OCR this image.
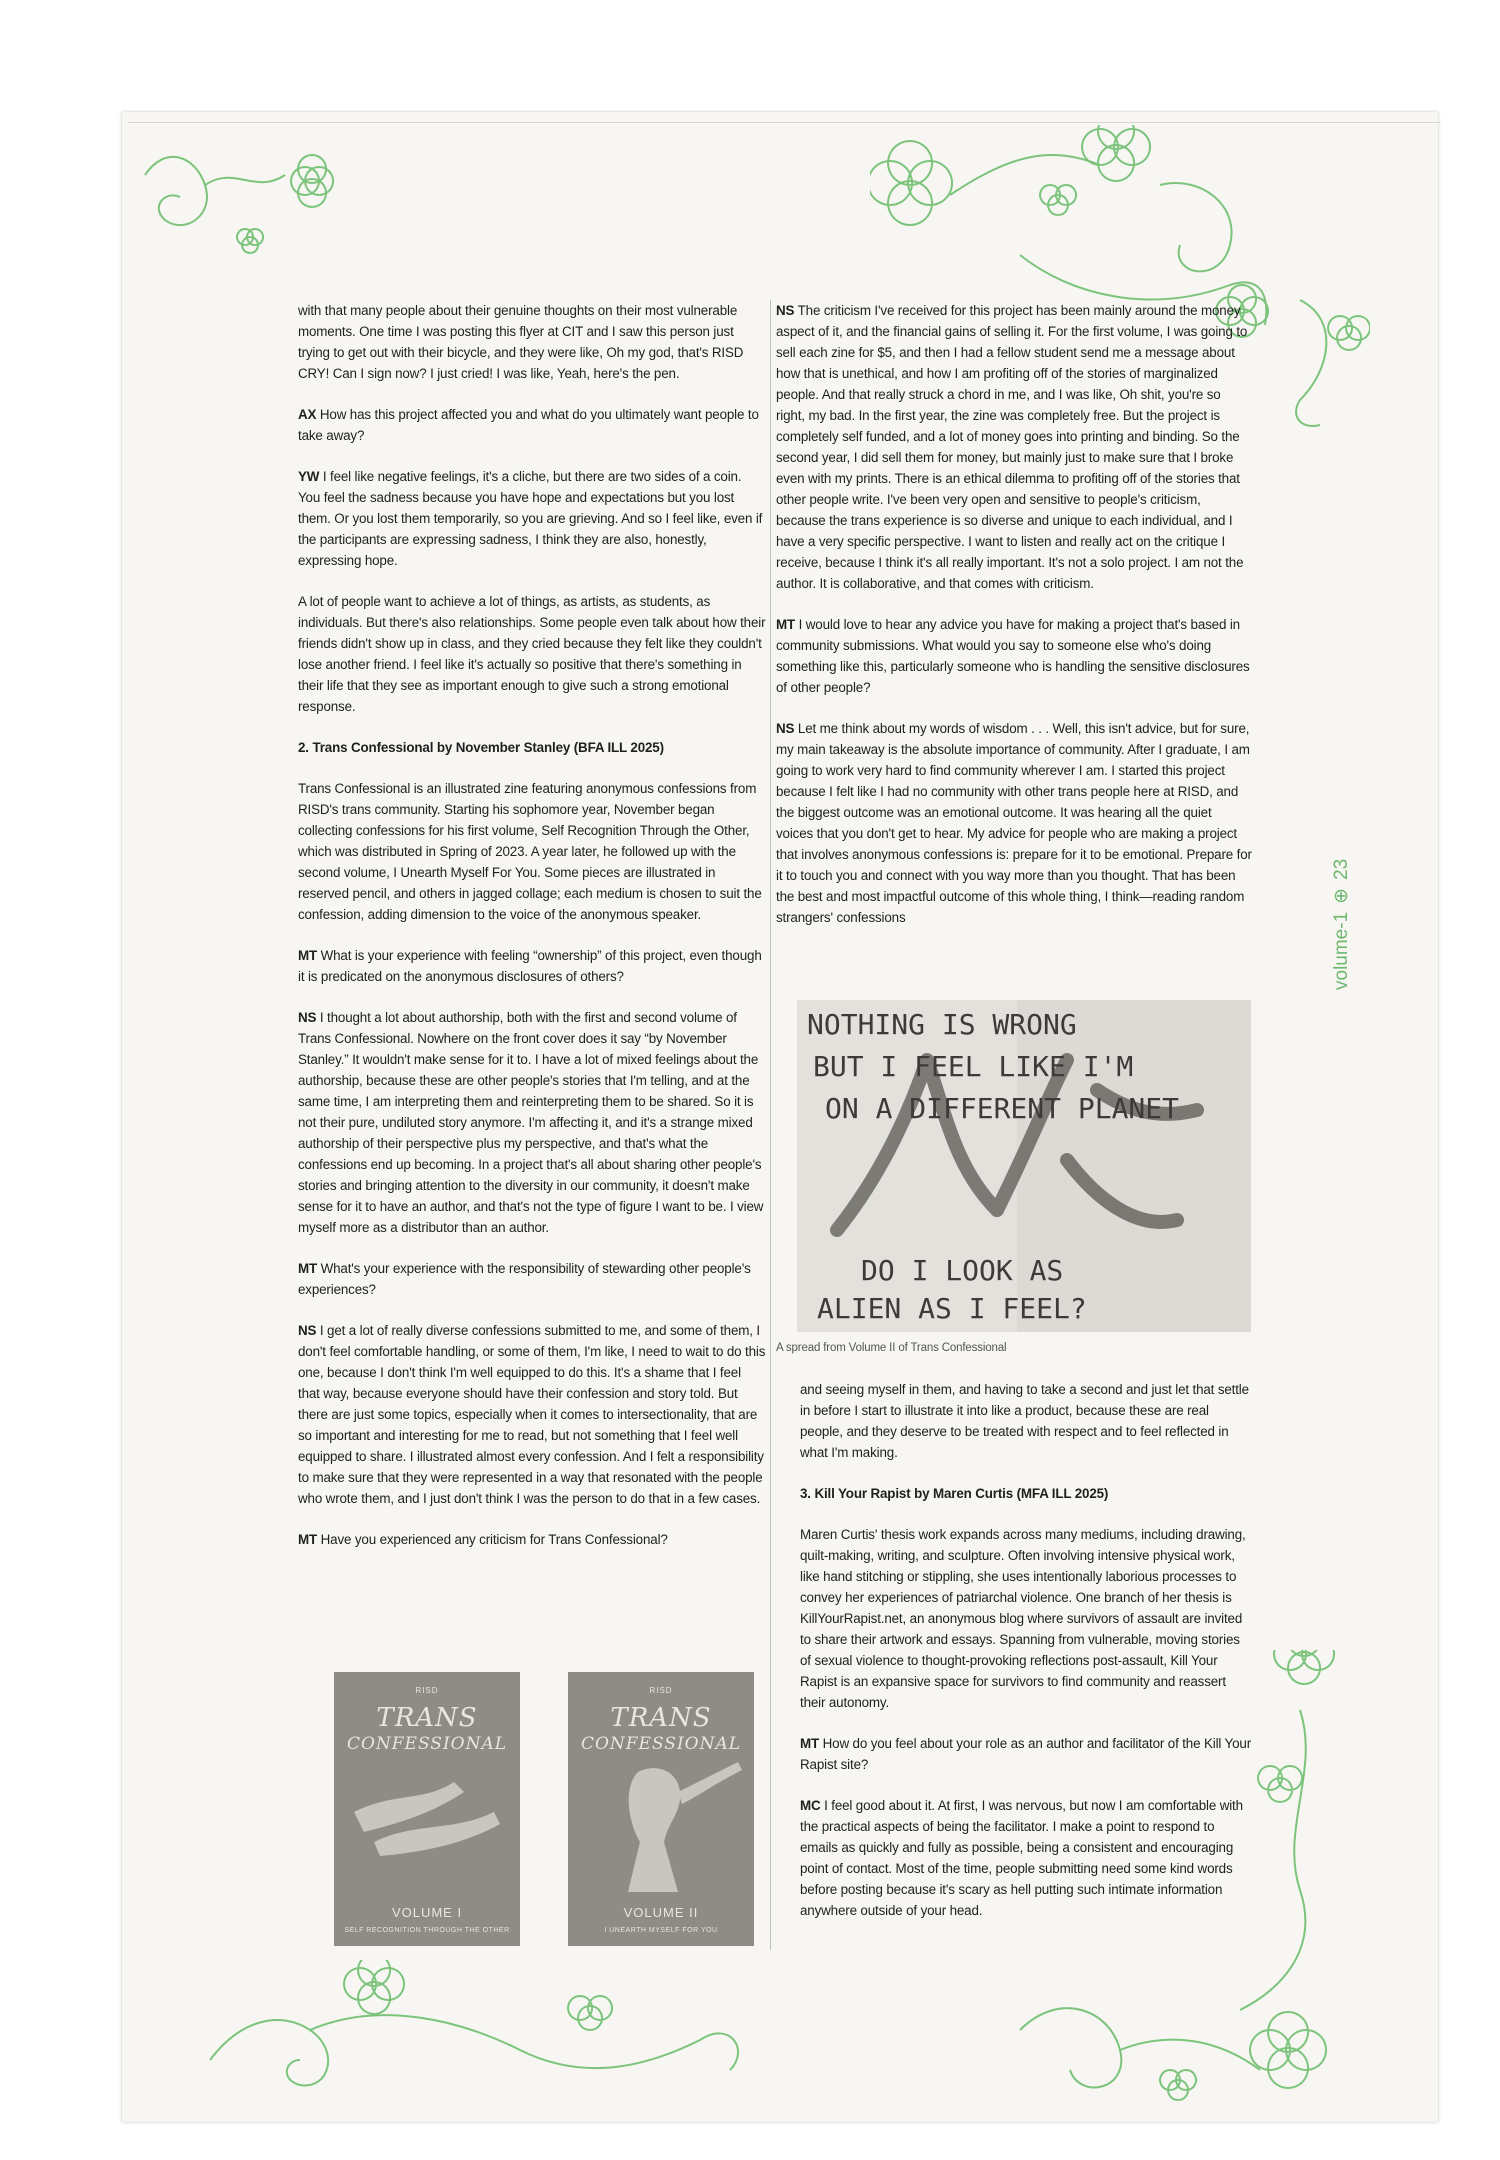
volume-1⊕23

with that many people about their genuine thoughts on their most vulnerable moments. One time I was posting this flyer at CIT and I saw this person just trying to get out with their bicycle, and they were like, Oh my god, that's RISD CRY! Can I sign now? I just cried! I was like, Yeah, here's the pen.

AX How has this project affected you and what do you ultimately want people to take away?

YW I feel like negative feelings, it's a cliche, but there are two sides of a coin. You feel the sadness because you have hope and expectations but you lost them. Or you lost them temporarily, so you are grieving. And so I feel like, even if the participants are expressing sadness, I think they are also, honestly, expressing hope.

A lot of people want to achieve a lot of things, as artists, as students, as individuals. But there's also relationships. Some people even talk about how their friends didn't show up in class, and they cried because they felt like they couldn't lose another friend. I feel like it's actually so positive that there's something in their life that they see as important enough to give such a strong emotional response.

2. Trans Confessional by November Stanley (BFA ILL 2025)

Trans Confessional is an illustrated zine featuring anonymous confessions from RISD's trans community. Starting his sophomore year, November began collecting confessions for his first volume, Self Recognition Through the Other, which was distributed in Spring of 2023. A year later, he followed up with the second volume, I Unearth Myself For You. Some pieces are illustrated in reserved pencil, and others in jagged collage; each medium is chosen to suit the confession, adding dimension to the voice of the anonymous speaker.

MT What is your experience with feeling “ownership” of this project, even though it is predicated on the anonymous disclosures of others?

NS I thought a lot about authorship, both with the first and second volume of Trans Confessional. Nowhere on the front cover does it say “by November Stanley.” It wouldn't make sense for it to. I have a lot of mixed feelings about the authorship, because these are other people's stories that I'm telling, and at the same time, I am interpreting them and reinterpreting them to be shared. So it is not their pure, undiluted story anymore. I'm affecting it, and it's a strange mixed authorship of their perspective plus my perspective, and that's what the confessions end up becoming. In a project that's all about sharing other people's stories and bringing attention to the diversity in our community, it doesn't make sense for it to have an author, and that's not the type of figure I want to be. I view myself more as a distributor than an author.

MT What's your experience with the responsibility of stewarding other people's experiences?

NS I get a lot of really diverse confessions submitted to me, and some of them, I don't feel comfortable handling, or some of them, I'm like, I need to wait to do this one, because I don't think I'm well equipped to do this. It's a shame that I feel that way, because everyone should have their confession and story told. But there are just some topics, especially when it comes to intersectionality, that are so important and interesting for me to read, but not something that I feel well equipped to share. I illustrated almost every confession. And I felt a responsibility to make sure that they were represented in a way that resonated with the people who wrote them, and I just don't think I was the person to do that in a few cases.

MT Have you experienced any criticism for Trans Confessional?

RISD
TRANS
CONFESSIONAL
VOLUME I
SELF RECOGNITION THROUGH THE OTHER
RISD
TRANS
CONFESSIONAL
VOLUME II
I UNEARTH MYSELF FOR YOU

NS The criticism I've received for this project has been mainly around the money aspect of it, and the financial gains of selling it. For the first volume, I was going to sell each zine for $5, and then I had a fellow student send me a message about how that is unethical, and how I am profiting off of the stories of marginalized people. And that really struck a chord in me, and I was like, Oh shit, you're so right, my bad. In the first year, the zine was completely free. But the project is completely self funded, and a lot of money goes into printing and binding. So the second year, I did sell them for money, but mainly just to make sure that I broke even with my prints. There is an ethical dilemma to profiting off of the stories that other people write. I've been very open and sensitive to people's criticism, because the trans experience is so diverse and unique to each individual, and I have a very specific perspective. I want to listen and really act on the critique I receive, because I think it's all really important. It's not a solo project. I am not the author. It is collaborative, and that comes with criticism.

MT I would love to hear any advice you have for making a project that's based in community submissions. What would you say to someone else who's doing something like this, particularly someone who is handling the sensitive disclosures of other people?

NS Let me think about my words of wisdom . . . Well, this isn't advice, but for sure, my main takeaway is the absolute importance of community. After I graduate, I am going to work very hard to find community wherever I am. I started this project because I felt like I had no community with other trans people here at RISD, and the biggest outcome was an emotional outcome. It was hearing all the quiet voices that you don't get to hear. My advice for people who are making a project that involves anonymous confessions is: prepare for it to be emotional. Prepare for it to touch you and connect with you way more than you thought. That has been the best and most impactful outcome of this whole thing, I think—reading random strangers' confessions

NOTHING IS WRONG
BUT I FEEL LIKE I'M
ON A DIFFERENT PLANET
DO I LOOK AS
ALIEN AS I FEEL?

A spread from Volume II of Trans Confessional

and seeing myself in them, and having to take a second and just let that settle in before I start to illustrate it into like a product, because these are real people, and they deserve to be treated with respect and to feel reflected in what I'm making.

3. Kill Your Rapist by Maren Curtis (MFA ILL 2025)

Maren Curtis' thesis work expands across many mediums, including drawing, quilt-making, writing, and sculpture. Often involving intensive physical work, like hand stitching or stippling, she uses intentionally laborious processes to convey her experiences of patriarchal violence. One branch of her thesis is KillYourRapist.net, an anonymous blog where survivors of assault are invited to share their artwork and essays. Spanning from vulnerable, moving stories of sexual violence to thought-provoking reflections post-assault, Kill Your Rapist is an expansive space for survivors to find community and reassert their autonomy.

MT How do you feel about your role as an author and facilitator of the Kill Your Rapist site?

MC I feel good about it. At first, I was nervous, but now I am comfortable with the practical aspects of being the facilitator. I make a point to respond to emails as quickly and fully as possible, being a consistent and encouraging point of contact. Most of the time, people submitting need some kind words before posting because it's scary as hell putting such intimate information anywhere outside of your head.
